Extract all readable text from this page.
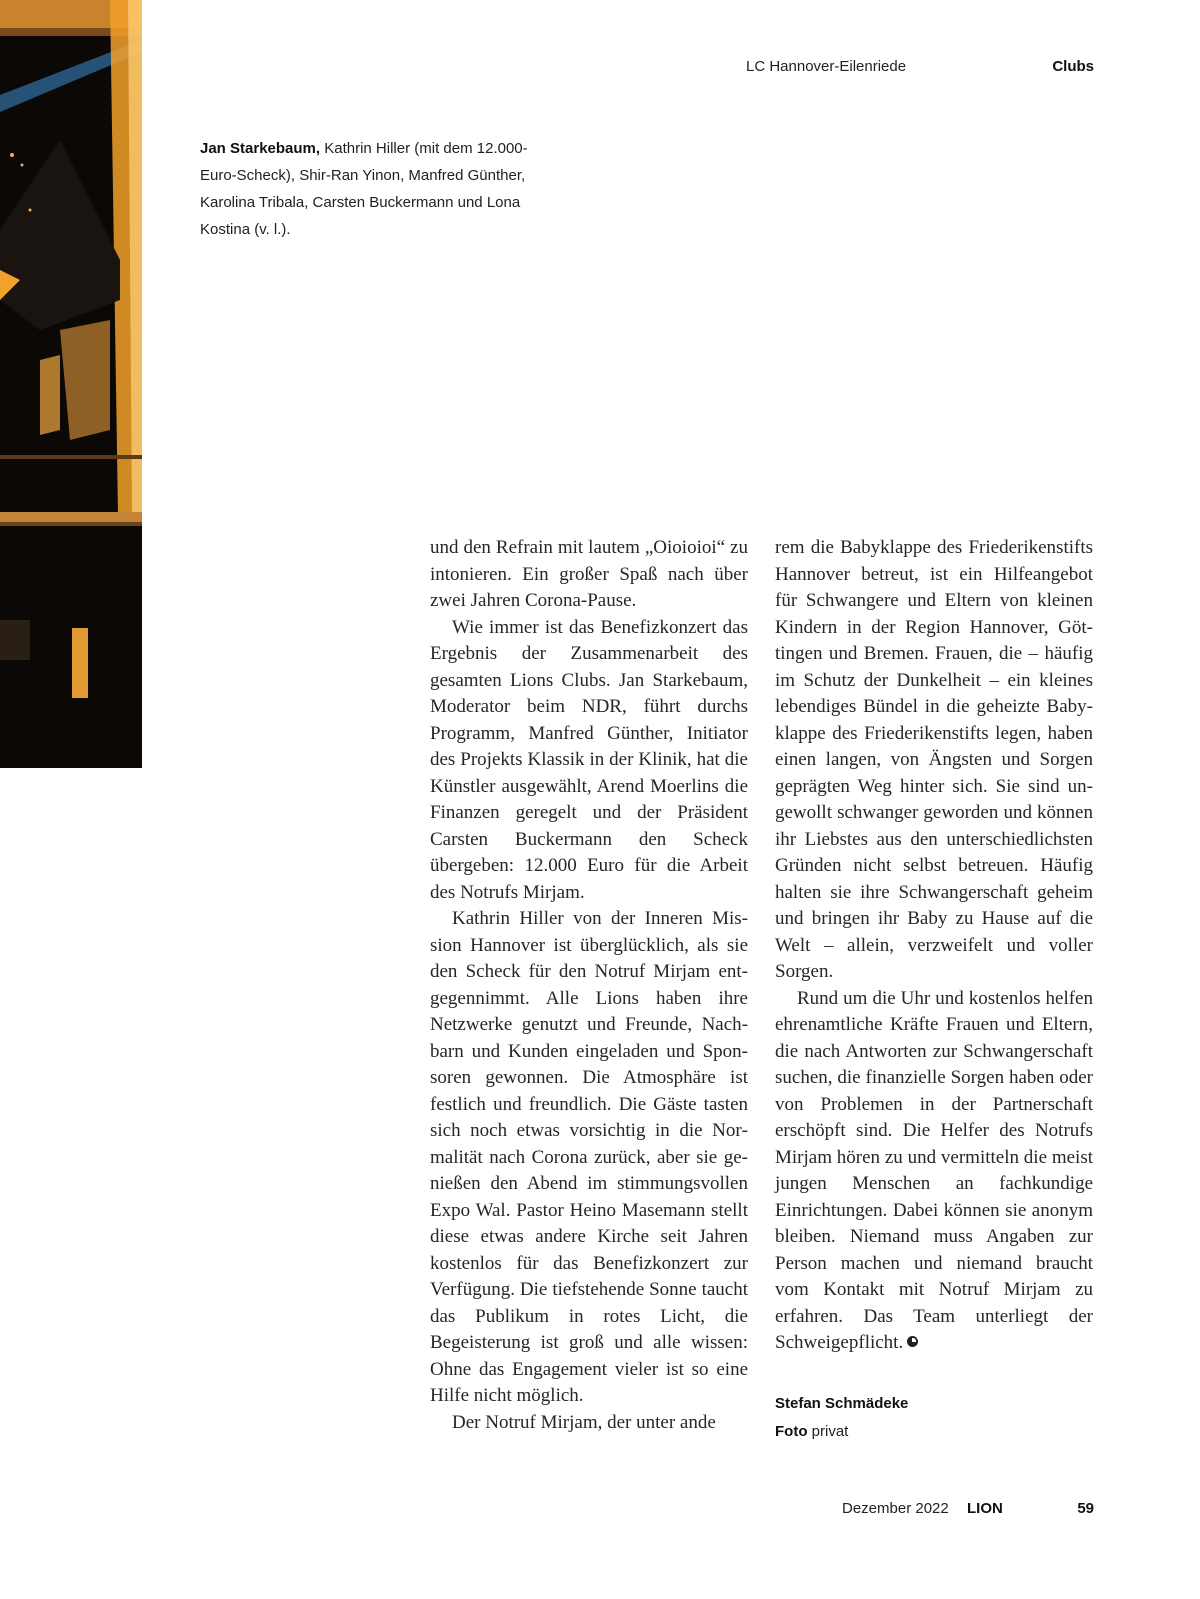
LC Hannover-Eilenriede	Clubs
Jan Starkebaum, Kathrin Hiller (mit dem 12.000-Euro-Scheck), Shir-Ran Yinon, Manfred Günther, Karolina Tribala, Carsten Buckermann und Lona Kostina (v. l.).

und den Refrain mit lautem „Oioioioi“ zu intonieren. Ein großer Spaß nach über zwei Jahren Corona-Pause.

Wie immer ist das Benefizkonzert das Ergebnis der Zusammenarbeit des gesamten Lions Clubs. Jan Starkebaum, Moderator beim NDR, führt durchs Programm, Manfred Günther, Initiator des Projekts Klassik in der Klinik, hat die Künstler ausgewählt, Arend Moerlins die Finanzen geregelt und der Präsident Carsten Buckermann den Scheck übergeben: 12.000 Euro für die Arbeit des Notrufs Mirjam.

Kathrin Hiller von der Inneren Mission Hannover ist überglücklich, als sie den Scheck für den Notruf Mirjam entgegennimmt. Alle Lions haben ihre Netzwerke genutzt und Freunde, Nachbarn und Kunden eingeladen und Sponsoren gewonnen. Die Atmosphäre ist festlich und freundlich. Die Gäste tasten sich noch etwas vorsichtig in die Normalität nach Corona zurück, aber sie genießen den Abend im stimmungsvollen Expo Wal. Pastor Heino Masemann stellt diese etwas andere Kirche seit Jahren kostenlos für das Benefizkonzert zur Verfügung. Die tiefstehende Sonne taucht das Publikum in rotes Licht, die Begeisterung ist groß und alle wissen: Ohne das Engagement vieler ist so eine Hilfe nicht möglich.

Der Notruf Mirjam, der unter ande

rem die Babyklappe des Friederikenstifts Hannover betreut, ist ein Hilfeangebot für Schwangere und Eltern von kleinen Kindern in der Region Hannover, Göttingen und Bremen. Frauen, die – häufig im Schutz der Dunkelheit – ein kleines lebendiges Bündel in die geheizte Babyklappe des Friederikenstifts legen, haben einen langen, von Ängsten und Sorgen geprägten Weg hinter sich. Sie sind ungewollt schwanger geworden und können ihr Liebstes aus den unterschiedlichsten Gründen nicht selbst betreuen. Häufig halten sie ihre Schwangerschaft geheim und bringen ihr Baby zu Hause auf die Welt – allein, verzweifelt und voller Sorgen.

Rund um die Uhr und kostenlos helfen ehrenamtliche Kräfte Frauen und Eltern, die nach Antworten zur Schwangerschaft suchen, die finanzielle Sorgen haben oder von Problemen in der Partnerschaft erschöpft sind. Die Helfer des Notrufs Mirjam hören zu und vermitteln die meist jungen Menschen an fachkundige Einrichtungen. Dabei können sie anonym bleiben. Niemand muss Angaben zur Person machen und niemand braucht vom Kontakt mit Notruf Mirjam zu erfahren. Das Team unterliegt der Schweigepflicht.

Stefan Schmädeke
Foto privat
Dezember 2022 LION	59
